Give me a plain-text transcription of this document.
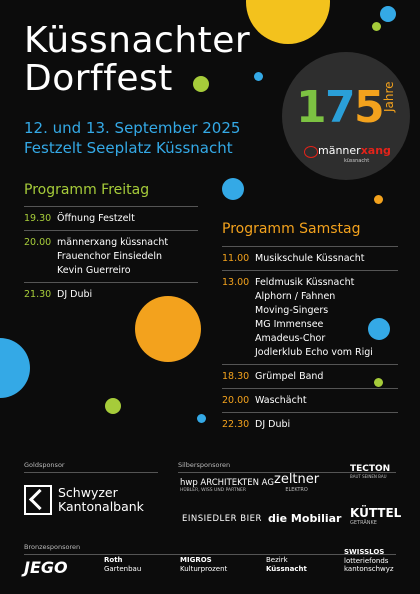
Küssnachter
Dorffest
12. und 13. September 2025
Festzelt Seeplatz Küssnacht
1
7
5
Jahre
männerxang
küssnacht
Programm Freitag
19.30 Öffnung Festzelt
20.00 männerxang küssnacht
Frauenchor Einsiedeln
Kevin Guerreiro
21.30 DJ Dubi
Programm Samstag
11.00 Musikschule Küssnacht
13.00 Feldmusik Küssnacht
Alphorn / Fahnen
Moving-Singers
MG Immensee
Amadeus-Chor
Jodlerklub Echo vom Rigi
18.30 Grümpel Band
20.00 Waschächt
22.30 DJ Dubi
Goldsponsor	Silbersponsoren
Schwyzer
Kantonalbank
hwp ARCHITEKTEN AG
HÜBLER, WISS UND PARTNER
zeltner
ELEKTRO
TECTON
BAUT SEINEN BAU
EINSIEDLER BIER die Mobiliar KÜTTEL
GETRÄNKE
Bronzesponsoren
JEGO	Roth
Gartenbau
MIGROS
Kulturprozent
Bezirk
Küssnacht
SWISSLOS
lotteriefonds
kantonschwyz
